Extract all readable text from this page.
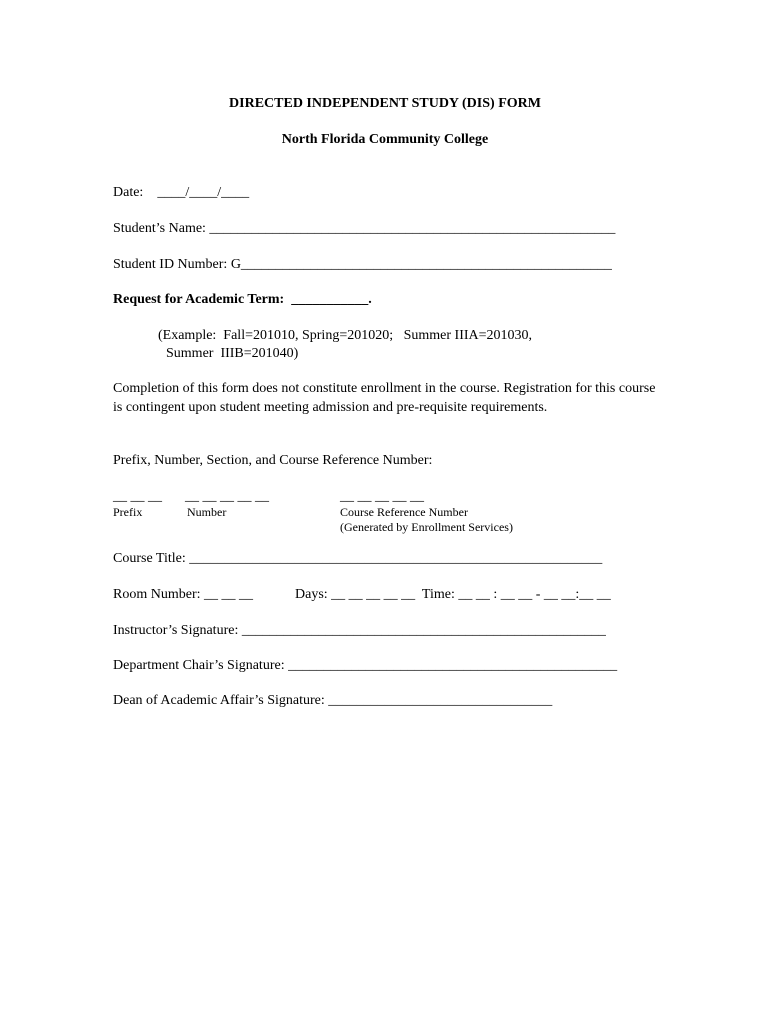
DIRECTED INDEPENDENT STUDY (DIS) FORM
North Florida Community College
Date:    ____/____/____
Student’s Name: __________________________________________________________
Student ID Number: G_____________________________________________________
Request for Academic Term:  ___________.
(Example:  Fall=201010, Spring=201020;   Summer IIIA=201030,
Summer  IIIB=201040)
Completion of this form does not constitute enrollment in the course. Registration for this course is contingent upon student meeting admission and pre-requisite requirements.
Prefix, Number, Section, and Course Reference Number:
__ __ __ __ __ __ __ __	__ __ __ __ __
Prefix	Number	Course Reference Number
(Generated by Enrollment Services)
Course Title: ___________________________________________________________
Room Number: __ __ __	Days: __ __ __ __ __  Time: __ __ : __ __ - __ __:__ __
Instructor’s Signature: ____________________________________________________
Department Chair’s Signature: _______________________________________________
Dean of Academic Affair’s Signature: ________________________________
